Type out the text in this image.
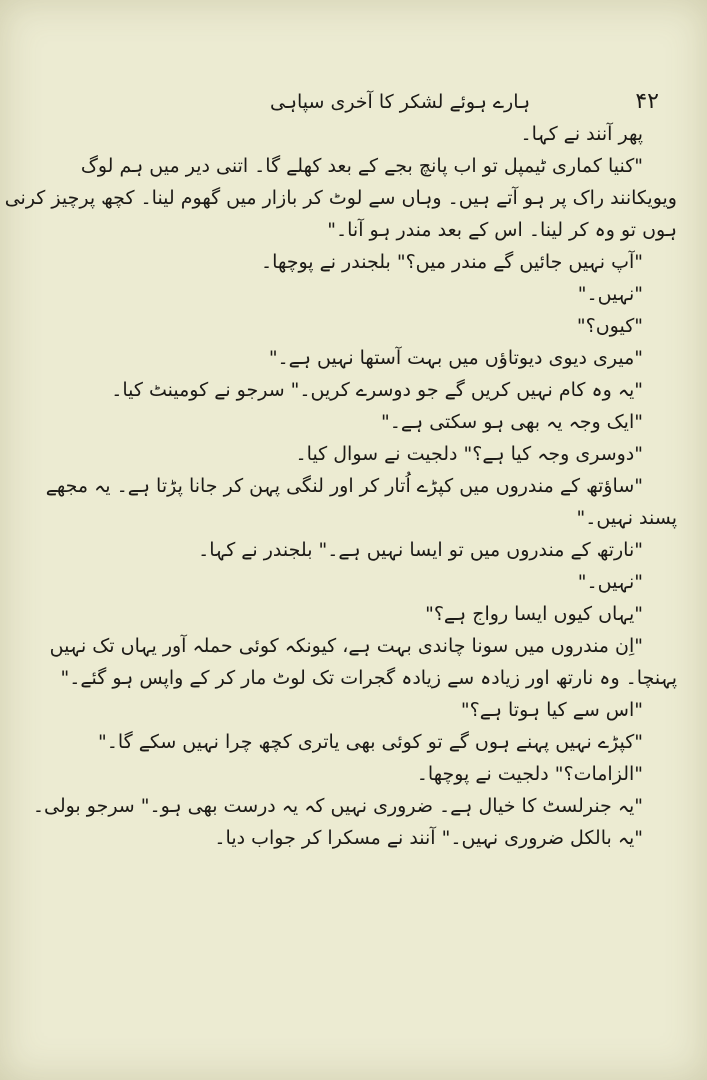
۴۲
ہارے ہوئے لشکر کا آخری سپاہی
پھر آنند نے کہا۔
"کنیا کماری ٹیمپل تو اب پانچ بجے کے بعد کھلے گا۔ اتنی دیر میں ہم لوگ
ویویکانند راک پر ہو آتے ہیں۔ وہاں سے لوٹ کر بازار میں گھوم لینا۔ کچھ پرچیز کرنی
ہوں تو وہ کر لینا۔ اس کے بعد مندر ہو آنا۔"
"آپ نہیں جائیں گے مندر میں؟" بلجندر نے پوچھا۔
"نہیں۔"
"کیوں؟"
"میری دیوی دیوتاؤں میں بہت آستھا نہیں ہے۔"
"یہ وہ کام نہیں کریں گے جو دوسرے کریں۔" سرجو نے کومینٹ کیا۔
"ایک وجہ یہ بھی ہو سکتی ہے۔"
"دوسری وجہ کیا ہے؟" دلجیت نے سوال کیا۔
"ساؤتھ کے مندروں میں کپڑے اُتار کر اور لنگی پہن کر جانا پڑتا ہے۔ یہ مجھے
پسند نہیں۔"
"نارتھ کے مندروں میں تو ایسا نہیں ہے۔" بلجندر نے کہا۔
"نہیں۔"
"یہاں کیوں ایسا رواج ہے؟"
"اِن مندروں میں سونا چاندی بہت ہے، کیونکہ کوئی حملہ آور یہاں تک نہیں
پہنچا۔ وہ نارتھ اور زیادہ سے زیادہ گجرات تک لوٹ مار کر کے واپس ہو گئے۔"
"اس سے کیا ہوتا ہے؟"
"کپڑے نہیں پہنے ہوں گے تو کوئی بھی یاتری کچھ چرا نہیں سکے گا۔"
"الزامات؟" دلجیت نے پوچھا۔
"یہ جنرلسٹ کا خیال ہے۔ ضروری نہیں کہ یہ درست بھی ہو۔" سرجو بولی۔
"یہ بالکل ضروری نہیں۔" آنند نے مسکرا کر جواب دیا۔
